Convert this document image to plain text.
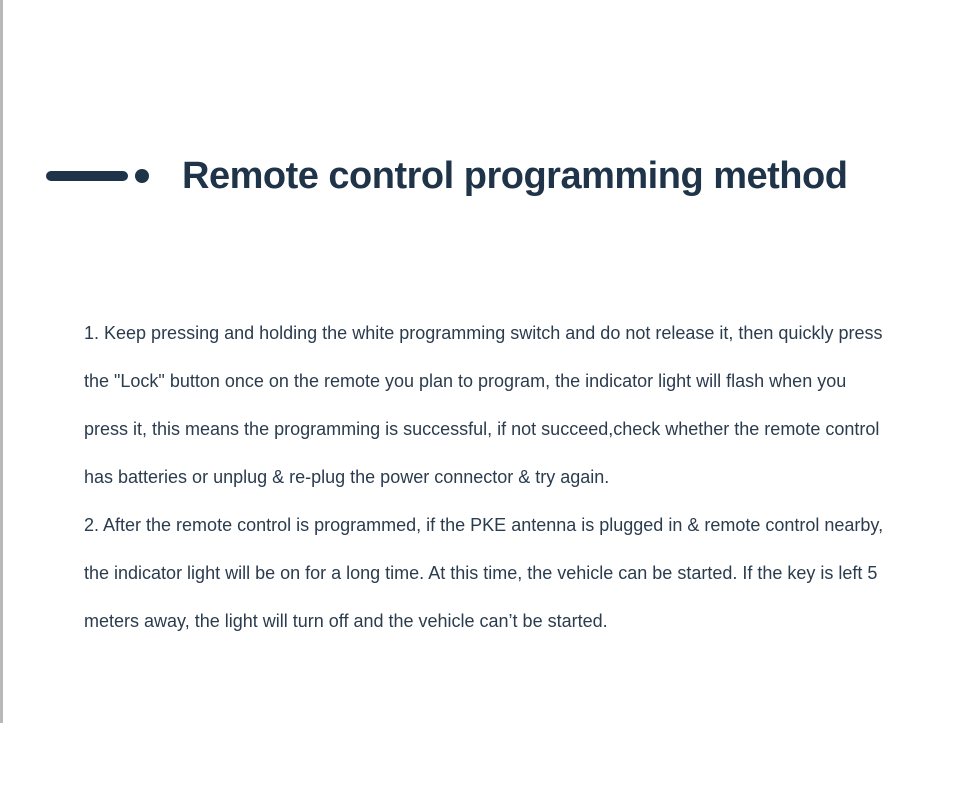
Remote control programming method

1. Keep pressing and holding the white programming switch and do not release it, then quickly press the "Lock" button once on the remote you plan to program, the indicator light will flash when you press it, this means the programming is successful, if not succeed,check whether the remote control has batteries or unplug & re-plug the power connector & try again.

2. After the remote control is programmed, if the PKE antenna is plugged in & remote control nearby, the indicator light will be on for a long time. At this time, the vehicle can be started. If the key is left 5 meters away, the light will turn off and the vehicle can’t be started.
